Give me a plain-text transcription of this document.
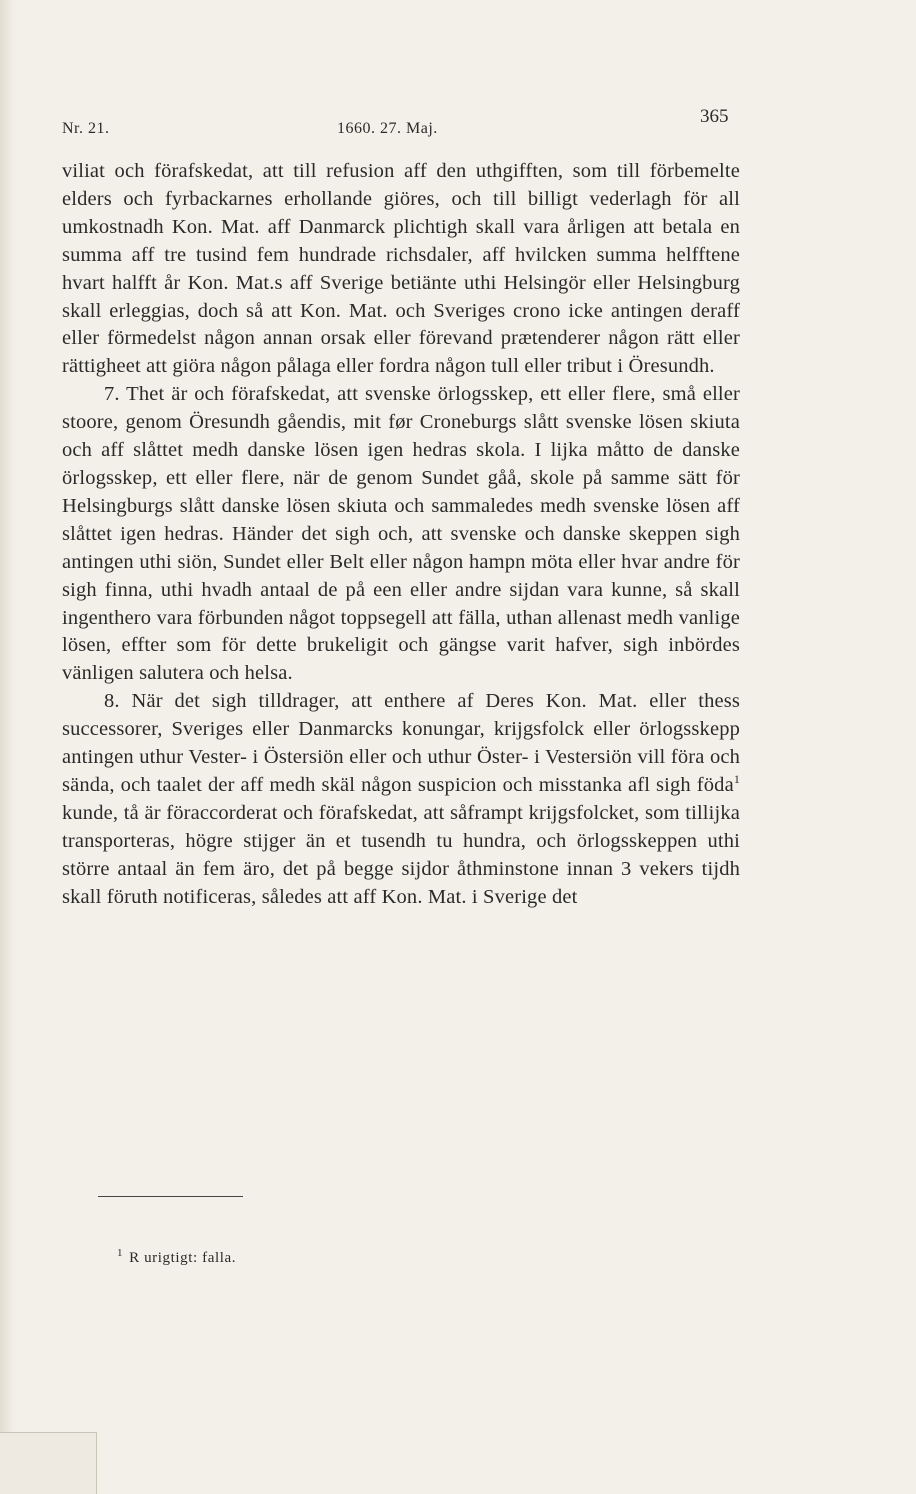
Nr. 21.	1660. 27. Maj.
365

viliat och förafskedat, att till refusion aff den uthgifften, som till förbemelte elders och fyrbackarnes erhollande giöres, och till billigt vederlagh för all umkostnadh Kon. Mat. aff Danmarck plichtigh skall vara årligen att betala en summa aff tre tusind fem hundrade richsdaler, aff hvilcken summa helfftene hvart halfft år Kon. Mat.s aff Sverige betiänte uthi Helsingör eller Helsingburg skall erleggias, doch så att Kon. Mat. och Sveriges crono icke antingen deraff eller förmedelst någon annan orsak eller förevand prætenderer någon rätt eller rättigheet att giöra någon pålaga eller fordra någon tull eller tribut i Öresundh.

7. Thet är och förafskedat, att svenske örlogsskep, ett eller flere, små eller stoore, genom Öresundh gåendis, mit før Croneburgs slått svenske lösen skiuta och aff slåttet medh danske lösen igen hedras skola. I lijka måtto de danske örlogsskep, ett eller flere, när de genom Sundet gåå, skole på samme sätt för Helsingburgs slått danske lösen skiuta och sammaledes medh svenske lösen aff slåttet igen hedras. Händer det sigh och, att svenske och danske skeppen sigh antingen uthi siön, Sundet eller Belt eller någon hampn möta eller hvar andre för sigh finna, uthi hvadh antaal de på een eller andre sijdan vara kunne, så skall ingenthero vara förbunden något toppsegell att fälla, uthan allenast medh vanlige lösen, effter som för dette brukeligit och gängse varit hafver, sigh inbördes vänligen salutera och helsa.

8. När det sigh tilldrager, att enthere af Deres Kon. Mat. eller thess successorer, Sveriges eller Danmarcks konungar, krijgsfolck eller örlogsskepp antingen uthur Vester- i Östersiön eller och uthur Öster- i Vestersiön vill föra och sända, och taalet der aff medh skäl någon suspicion och misstanka afl sigh föda$^1$ kunde, tå är föraccorderat och förafskedat, att såframpt krijgsfolcket, som tillijka transporteras, högre stijger än et tusendh tu hundra, och örlogsskeppen uthi större antaal än fem äro, det på begge sijdor åthminstone innan 3 vekers tijdh skall föruth notificeras, således att aff Kon. Mat. i Sverige det

$^1$ R urigtigt: falla.
